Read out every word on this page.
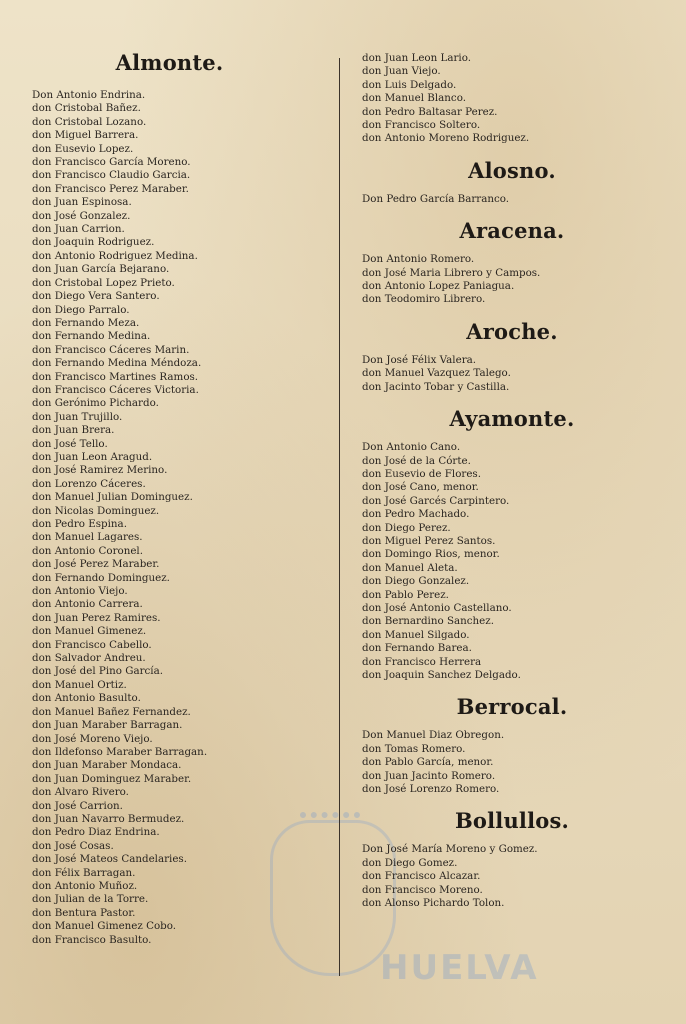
HUELVA
Almonte.
Don Antonio Endrina.
don Cristobal Bañez.
don Cristobal Lozano.
don Miguel Barrera.
don Eusevio Lopez.
don Francisco García Moreno.
don Francisco Claudio Garcia.
don Francisco Perez Maraber.
don Juan Espinosa.
don José Gonzalez.
don Juan Carrion.
don Joaquin Rodriguez.
don Antonio Rodriguez Medina.
don Juan García Bejarano.
don Cristobal Lopez Prieto.
don Diego Vera Santero.
don Diego Parralo.
don Fernando Meza.
don Fernando Medina.
don Francisco Cáceres Marin.
don Fernando Medina Méndoza.
don Francisco Martines Ramos.
don Francisco Cáceres Victoria.
don Gerónimo Pichardo.
don Juan Trujillo.
don Juan Brera.
don José Tello.
don Juan Leon Aragud.
don José Ramirez Merino.
don Lorenzo Cáceres.
don Manuel Julian Dominguez.
don Nicolas Dominguez.
don Pedro Espina.
don Manuel Lagares.
don Antonio Coronel.
don José Perez Maraber.
don Fernando Dominguez.
don Antonio Viejo.
don Antonio Carrera.
don Juan Perez Ramires.
don Manuel Gimenez.
don Francisco Cabello.
don Salvador Andreu.
don José del Pino García.
don Manuel Ortiz.
don Antonio Basulto.
don Manuel Bañez Fernandez.
don Juan Maraber Barragan.
don José Moreno Viejo.
don Ildefonso Maraber Barragan.
don Juan Maraber Mondaca.
don Juan Dominguez Maraber.
don Alvaro Rivero.
don José Carrion.
don Juan Navarro Bermudez.
don Pedro Diaz Endrina.
don José Cosas.
don José Mateos Candelaries.
don Félix Barragan.
don Antonio Muñoz.
don Julian de la Torre.
don Bentura Pastor.
don Manuel Gimenez Cobo.
don Francisco Basulto.
don Juan Leon Lario.
don Juan Viejo.
don Luis Delgado.
don Manuel Blanco.
don Pedro Baltasar Perez.
don Francisco Soltero.
don Antonio Moreno Rodriguez.
Alosno.
Don Pedro García Barranco.
Aracena.
Don Antonio Romero.
don José Maria Librero y Campos.
don Antonio Lopez Paniagua.
don Teodomiro Librero.
Aroche.
Don José Félix Valera.
don Manuel Vazquez Talego.
don Jacinto Tobar y Castilla.
Ayamonte.
Don Antonio Cano.
don José de la Córte.
don Eusevio de Flores.
don José Cano, menor.
don José Garcés Carpintero.
don Pedro Machado.
don Diego Perez.
don Miguel Perez Santos.
don Domingo Rios, menor.
don Manuel Aleta.
don Diego Gonzalez.
don Pablo Perez.
don José Antonio Castellano.
don Bernardino Sanchez.
don Manuel Silgado.
don Fernando Barea.
don Francisco Herrera
don Joaquin Sanchez Delgado.
Berrocal.
Don Manuel Diaz Obregon.
don Tomas Romero.
don Pablo García, menor.
don Juan Jacinto Romero.
don José Lorenzo Romero.
Bollullos.
Don José María Moreno y Gomez.
don Diego Gomez.
don Francisco Alcazar.
don Francisco Moreno.
don Alonso Pichardo Tolon.
